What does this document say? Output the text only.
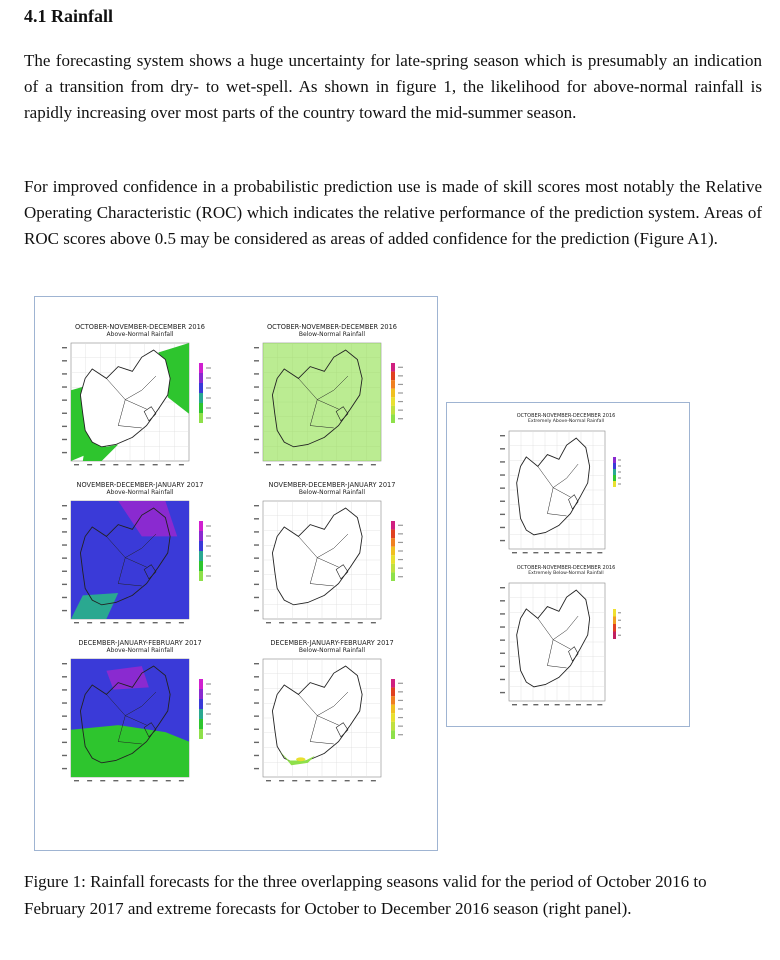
4.1 Rainfall
The forecasting system shows a huge uncertainty for late-spring season which is presumably an indication of a transition from dry- to wet-spell. As shown in figure 1, the likelihood for above-normal rainfall is rapidly increasing over most parts of the country toward the mid-summer season.
For improved confidence in a probabilistic prediction use is made of skill scores most notably the Relative Operating Characteristic (ROC) which indicates the relative performance of the prediction system. Areas of ROC scores above 0.5 may be considered as areas of added confidence for the prediction (Figure A1).
OCTOBER-NOVEMBER-DECEMBER 2016
Above-Normal Rainfall
OCTOBER-NOVEMBER-DECEMBER 2016
Below-Normal Rainfall
NOVEMBER-DECEMBER-JANUARY 2017
Above-Normal Rainfall
NOVEMBER-DECEMBER-JANUARY 2017
Below-Normal Rainfall
DECEMBER-JANUARY-FEBRUARY 2017
Above-Normal Rainfall
DECEMBER-JANUARY-FEBRUARY 2017
Below-Normal Rainfall
OCTOBER-NOVEMBER-DECEMBER 2016
Extremely Above-Normal Rainfall
OCTOBER-NOVEMBER-DECEMBER 2016
Extremely Below-Normal Rainfall
Figure 1: Rainfall forecasts for the three overlapping seasons valid for the period of October 2016 to February 2017 and extreme forecasts for October to December 2016 season (right panel).
